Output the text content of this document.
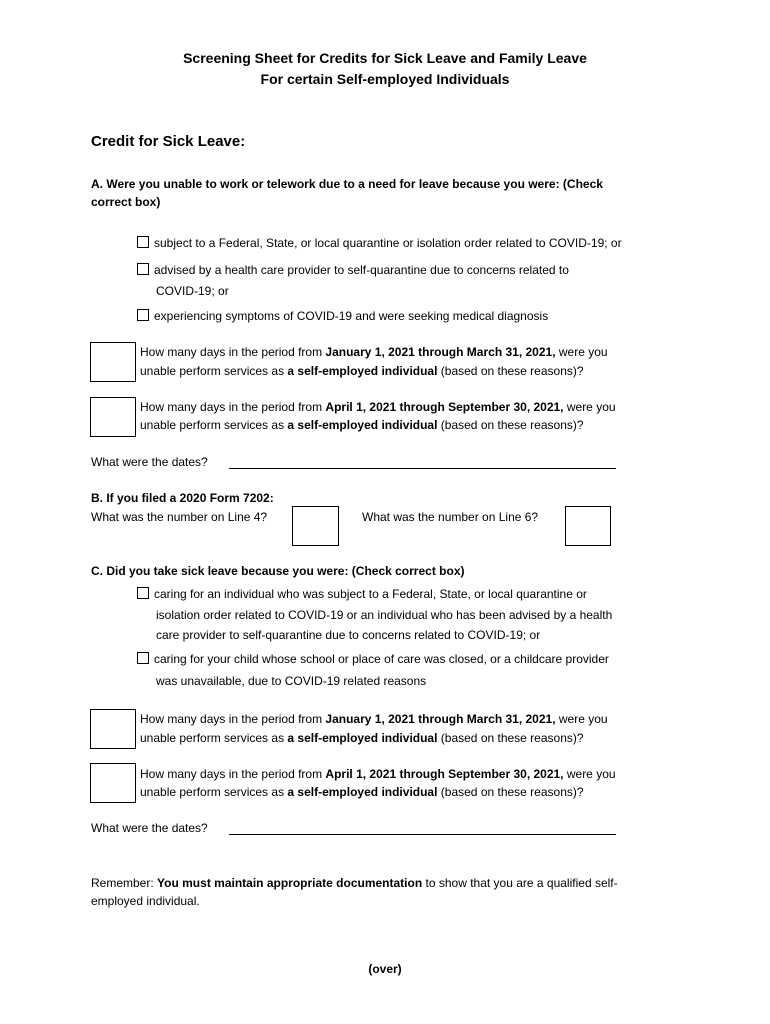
Screening Sheet for Credits for Sick Leave and Family Leave
For certain Self-employed Individuals
Credit for Sick Leave:
A. Were you unable to work or telework due to a need for leave because you were: (Check
correct box)
subject to a Federal, State, or local quarantine or isolation order related to COVID-19; or
advised by a health care provider to self-quarantine due to concerns related to
COVID-19; or
experiencing symptoms of COVID-19 and were seeking medical diagnosis
How many days in the period from January 1, 2021 through March 31, 2021, were you
unable perform services as a self-employed individual (based on these reasons)?
How many days in the period from April 1, 2021 through September 30, 2021, were you
unable perform services as a self-employed individual (based on these reasons)?
What were the dates?
B. If you filed a 2020 Form 7202:
What was the number on Line 4?	What was the number on Line 6?
C. Did you take sick leave because you were: (Check correct box)
caring for an individual who was subject to a Federal, State, or local quarantine or
isolation order related to COVID-19 or an individual who has been advised by a health
care provider to self-quarantine due to concerns related to COVID-19; or
caring for your child whose school or place of care was closed, or a childcare provider
was unavailable, due to COVID-19 related reasons
How many days in the period from January 1, 2021 through March 31, 2021, were you
unable perform services as a self-employed individual (based on these reasons)?
How many days in the period from April 1, 2021 through September 30, 2021, were you
unable perform services as a self-employed individual (based on these reasons)?
What were the dates?
Remember: You must maintain appropriate documentation to show that you are a qualified self-
employed individual.
(over)
